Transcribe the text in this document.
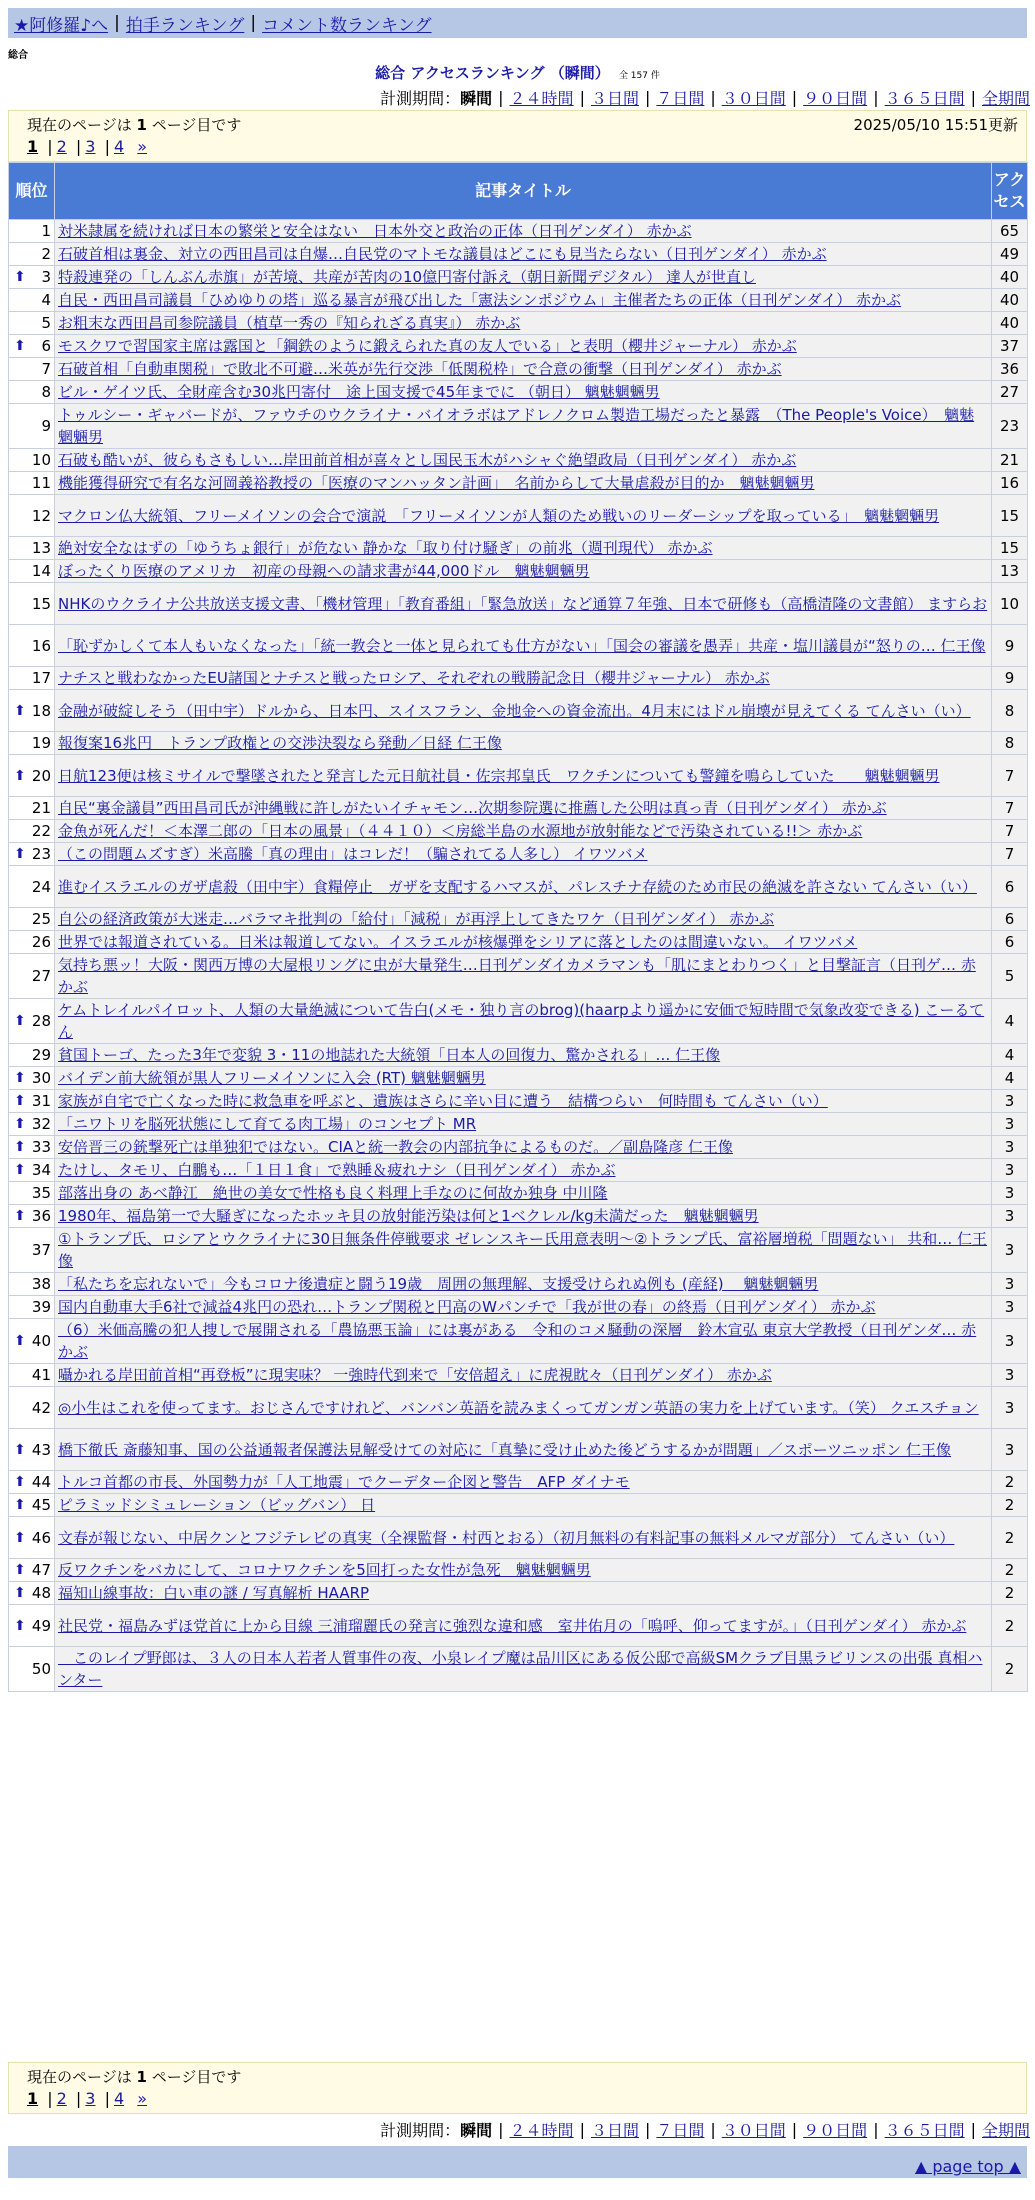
★阿修羅♪へ | 拍手ランキング | コメント数ランキング
総合
総合 アクセスランキング （瞬間） 全 157 件
計測期間： 瞬間 | ２４時間 | ３日間 | ７日間 | ３０日間 | ９０日間 | ３６５日間 | 全期間
現在のページは 1 ページ目です	2025/05/10 15:51更新
1 | 2 | 3 | 4 »
順位	記事タイトル	アクセス
1	対米隷属を続ければ日本の繁栄と安全はない　日本外交と政治の正体（日刊ゲンダイ） 赤かぶ	65
2	石破首相は裏金、対立の西田昌司は自爆…自民党のマトモな議員はどこにも見当たらない（日刊ゲンダイ） 赤かぶ	49

⬆ 3	特殺連発の「しんぶん赤旗」が苦境、共産が苦肉の10億円寄付訴え（朝日新聞デジタル） 達人が世直し	40
4	自民・西田昌司議員「ひめゆりの塔」巡る暴言が飛び出した「憲法シンポジウム」主催者たちの正体（日刊ゲンダイ） 赤かぶ	40
5	お粗末な西田昌司参院議員（植草一秀の『知られざる真実』） 赤かぶ	40

⬆ 6	モスクワで習国家主席は露国と「鋼鉄のように鍛えられた真の友人でいる」と表明（櫻井ジャーナル） 赤かぶ	37
7	石破首相「自動車関税」で敗北不可避…米英が先行交渉「低関税枠」で合意の衝撃（日刊ゲンダイ） 赤かぶ	36
8	ビル・ゲイツ氏、全財産含む30兆円寄付　途上国支援で45年までに （朝日） 魑魅魍魎男	27
9	トゥルシー・ギャバードが、ファウチのウクライナ・バイオラボはアドレノクロム製造工場だったと暴露　（The People's Voice）　魑魅魍魎男	23
10	石破も酷いが、彼らもさもしい…岸田前首相が喜々とし国民玉木がハシャぐ絶望政局（日刊ゲンダイ） 赤かぶ	21
11	機能獲得研究で有名な河岡義裕教授の「医療のマンハッタン計画」　名前からして大量虐殺が目的か　魑魅魍魎男	16
12	マクロン仏大統領、フリーメイソンの会合で演説　「フリーメイソンが人類のため戦いのリーダーシップを取っている」　魑魅魍魎男	15
13	絶対安全なはずの「ゆうちょ銀行」が危ない 静かな「取り付け騒ぎ」の前兆（週刊現代） 赤かぶ	15
14	ぼったくり医療のアメリカ　初産の母親への請求書が44,000ドル　魑魅魍魎男	13
15	NHKのウクライナ公共放送支援文書、「機材管理」「教育番組」「緊急放送」など通算７年強、日本で研修も（高橋清隆の文書館） ますらお	10
16	「恥ずかしくて本人もいなくなった」「統一教会と一体と見られても仕方がない」「国会の審議を愚弄」共産・塩川議員が“怒りの… 仁王像	9
17	ナチスと戦わなかったEU諸国とナチスと戦ったロシア、それぞれの戦勝記念日（櫻井ジャーナル） 赤かぶ	9

⬆ 18	金融が破綻しそう（田中宇）ドルから、日本円、スイスフラン、金地金への資金流出。4月末にはドル崩壊が見えてくる てんさい（い）	8
19	報復案16兆円　トランプ政権との交渉決裂なら発動／日経 仁王像	8

⬆ 20	日航123便は核ミサイルで撃墜されたと発言した元日航社員・佐宗邦皇氏　ワクチンについても警鐘を鳴らしていた　　魑魅魍魎男	7
21	自民“裏金議員”西田昌司氏が沖縄戦に許しがたいイチャモン…次期参院選に推薦した公明は真っ青（日刊ゲンダイ） 赤かぶ	7
22	金魚が死んだ！＜本澤二郎の「日本の風景」（４４１０）＜房総半島の水源地が放射能などで汚染されている!!＞ 赤かぶ	7

⬆ 23	（この問題ムズすぎ）米高騰「真の理由」はコレだ！（騙されてる人多し） イワツバメ	7
24	進むイスラエルのガザ虐殺（田中宇）食糧停止　ガザを支配するハマスが、パレスチナ存続のため市民の絶滅を許さない てんさい（い）	6
25	自公の経済政策が大迷走…バラマキ批判の「給付」「減税」が再浮上してきたワケ（日刊ゲンダイ） 赤かぶ	6
26	世界では報道されている。日米は報道してない。イスラエルが核爆弾をシリアに落としたのは間違いない。 イワツバメ	6
27	気持ち悪ッ！大阪・関西万博の大屋根リングに虫が大量発生…日刊ゲンダイカメラマンも「肌にまとわりつく」と目撃証言（日刊ゲ… 赤かぶ	5

⬆ 28	ケムトレイルパイロット、人類の大量絶滅について告白(メモ・独り言のbrog)(haarpより遥かに安価で短時間で気象改変できる) こーるてん	4
29	貧国トーゴ、たった3年で変貌 3・11の地誌れた大統領「日本人の回復力、驚かされる」… 仁王像	4

⬆ 30	バイデン前大統領が黒人フリーメイソンに入会 (RT) 魑魅魍魎男	4

⬆ 31	家族が自宅で亡くなった時に救急車を呼ぶと、遺族はさらに辛い目に遭う　結構つらい　何時間も てんさい（い）	3

⬆ 32	「ニワトリを脳死状態にして育てる肉工場」のコンセプト MR	3

⬆ 33	安倍晋三の銃撃死亡は単独犯ではない。CIAと統一教会の内部抗争によるものだ。／副島隆彦 仁王像	3

⬆ 34	たけし、タモリ、白鵬も…「１日１食」で熟睡＆疲れナシ（日刊ゲンダイ） 赤かぶ	3
35	部落出身の あべ静江　絶世の美女で性格も良く料理上手なのに何故か独身 中川隆	3

⬆ 36	1980年、福島第一で大騒ぎになったホッキ貝の放射能汚染は何と1ベクレル/kg未満だった　魑魅魍魎男	3
37	①トランプ氏、ロシアとウクライナに30日無条件停戦要求 ゼレンスキー氏用意表明〜②トランプ氏、富裕層増税「問題ない」 共和… 仁王像	3
38	「私たちを忘れないで」今もコロナ後遺症と闘う19歳　周囲の無理解、支援受けられぬ例も (産経) 　魑魅魍魎男	3
39	国内自動車大手6社で減益4兆円の恐れ…トランプ関税と円高のWパンチで「我が世の春」の終焉（日刊ゲンダイ） 赤かぶ	3

⬆ 40	（6）米価高騰の犯人捜しで展開される「農協悪玉論」には裏がある　令和のコメ騒動の深層　鈴木宣弘 東京大学教授（日刊ゲンダ… 赤かぶ	3
41	囁かれる岸田前首相“再登板”に現実味？ 一強時代到来で「安倍超え」に虎視眈々（日刊ゲンダイ） 赤かぶ	3
42	◎小生はこれを使ってます。おじさんですけれど、バンバン英語を読みまくってガンガン英語の実力を上げています。（笑） クエスチョン	3

⬆ 43	橋下徹氏 斎藤知事、国の公益通報者保護法見解受けての対応に「真摯に受け止めた後どうするかが問題」／スポーツニッポン 仁王像	3

⬆ 44	トルコ首都の市長、外国勢力が「人工地震」でクーデター企図と警告　AFP ダイナモ	2

⬆ 45	ピラミッドシミュレーション（ビッグバン） 日	2

⬆ 46	文春が報じない、中居クンとフジテレビの真実（全裸監督・村西とおる）（初月無料の有料記事の無料メルマガ部分） てんさい（い）	2

⬆ 47	反ワクチンをバカにして、コロナワクチンを5回打った女性が急死　魑魅魍魎男	2

⬆ 48	福知山線事故：白い車の謎 / 写真解析 HAARP	2

⬆ 49	社民党・福島みずほ党首に上から目線 三浦瑠麗氏の発言に強烈な違和感　室井佑月の「嗚呼、仰ってますが。」（日刊ゲンダイ） 赤かぶ	2
50	　このレイプ野郎は、３人の日本人若者人質事件の夜、小泉レイプ魔は品川区にある仮公邸で高級SMクラブ目黒ラビリンスの出張 真相ハンター	2
現在のページは 1 ページ目です
1 | 2 | 3 | 4 »
計測期間： 瞬間 | ２４時間 | ３日間 | ７日間 | ３０日間 | ９０日間 | ３６５日間 | 全期間
▲ page top ▲
